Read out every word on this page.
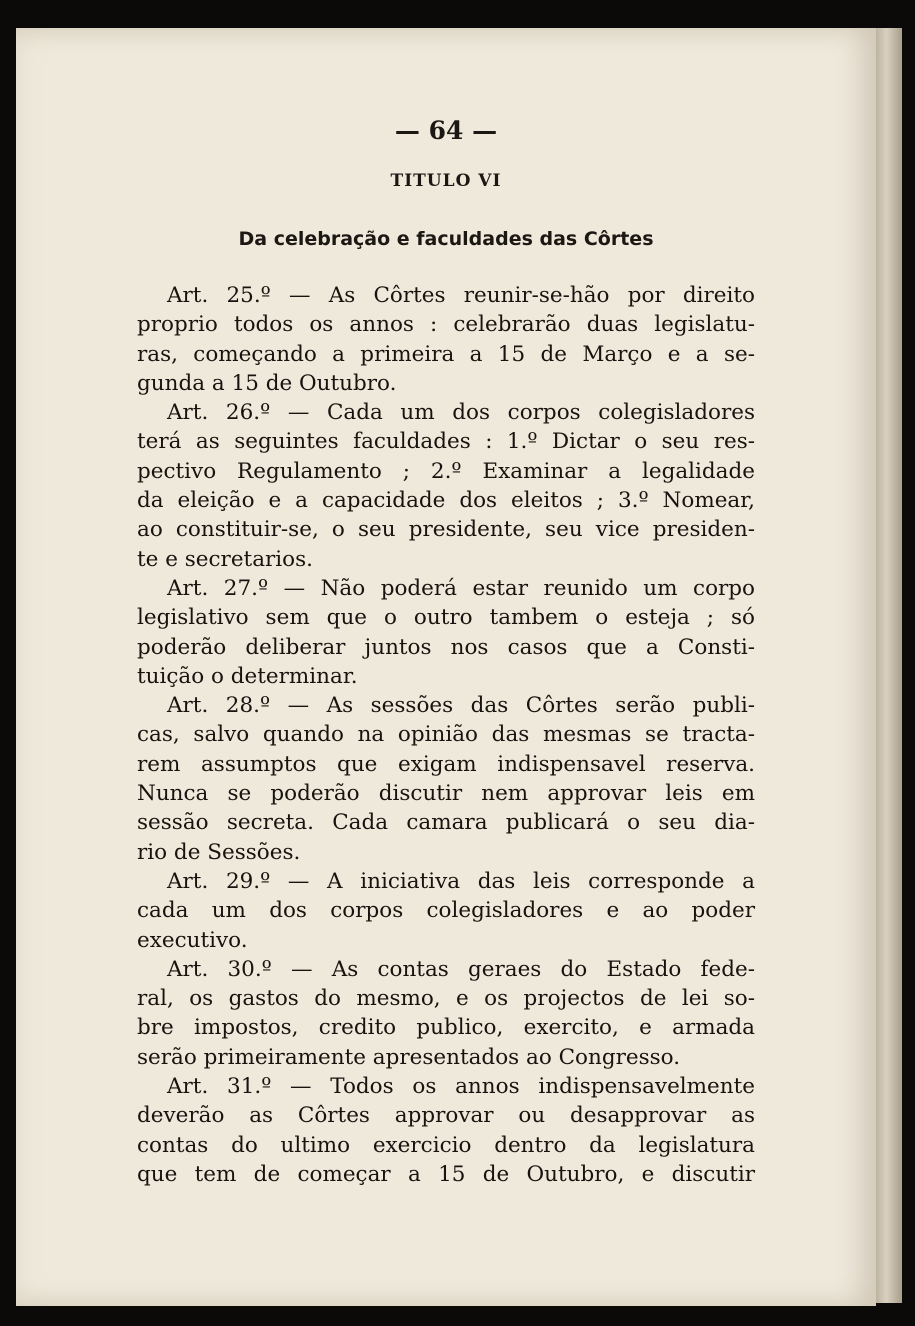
— 64 —
TITULO VI
Da celebração e faculdades das Côrtes
Art. 25.º — As Côrtes reunir-se-hão por direito
proprio todos os annos : celebrarão duas legislatu-
ras, começando a primeira a 15 de Março e a se-
gunda a 15 de Outubro.
Art. 26.º — Cada um dos corpos colegisladores
terá as seguintes faculdades : 1.º Dictar o seu res-
pectivo Regulamento ; 2.º Examinar a legalidade
da eleição e a capacidade dos eleitos ; 3.º Nomear,
ao constituir-se, o seu presidente, seu vice presiden-
te e secretarios.
Art. 27.º — Não poderá estar reunido um corpo
legislativo sem que o outro tambem o esteja ; só
poderão deliberar juntos nos casos que a Consti-
tuição o determinar.
Art. 28.º — As sessões das Côrtes serão publi-
cas, salvo quando na opinião das mesmas se tracta-
rem assumptos que exigam indispensavel reserva.
Nunca se poderão discutir nem approvar leis em
sessão secreta. Cada camara publicará o seu dia-
rio de Sessões.
Art. 29.º — A iniciativa das leis corresponde a
cada um dos corpos colegisladores e ao poder
executivo.
Art. 30.º — As contas geraes do Estado fede-
ral, os gastos do mesmo, e os projectos de lei so-
bre impostos, credito publico, exercito, e armada
serão primeiramente apresentados ao Congresso.
Art. 31.º — Todos os annos indispensavelmente
deverão as Côrtes approvar ou desapprovar as
contas do ultimo exercicio dentro da legislatura
que tem de começar a 15 de Outubro, e discutir
